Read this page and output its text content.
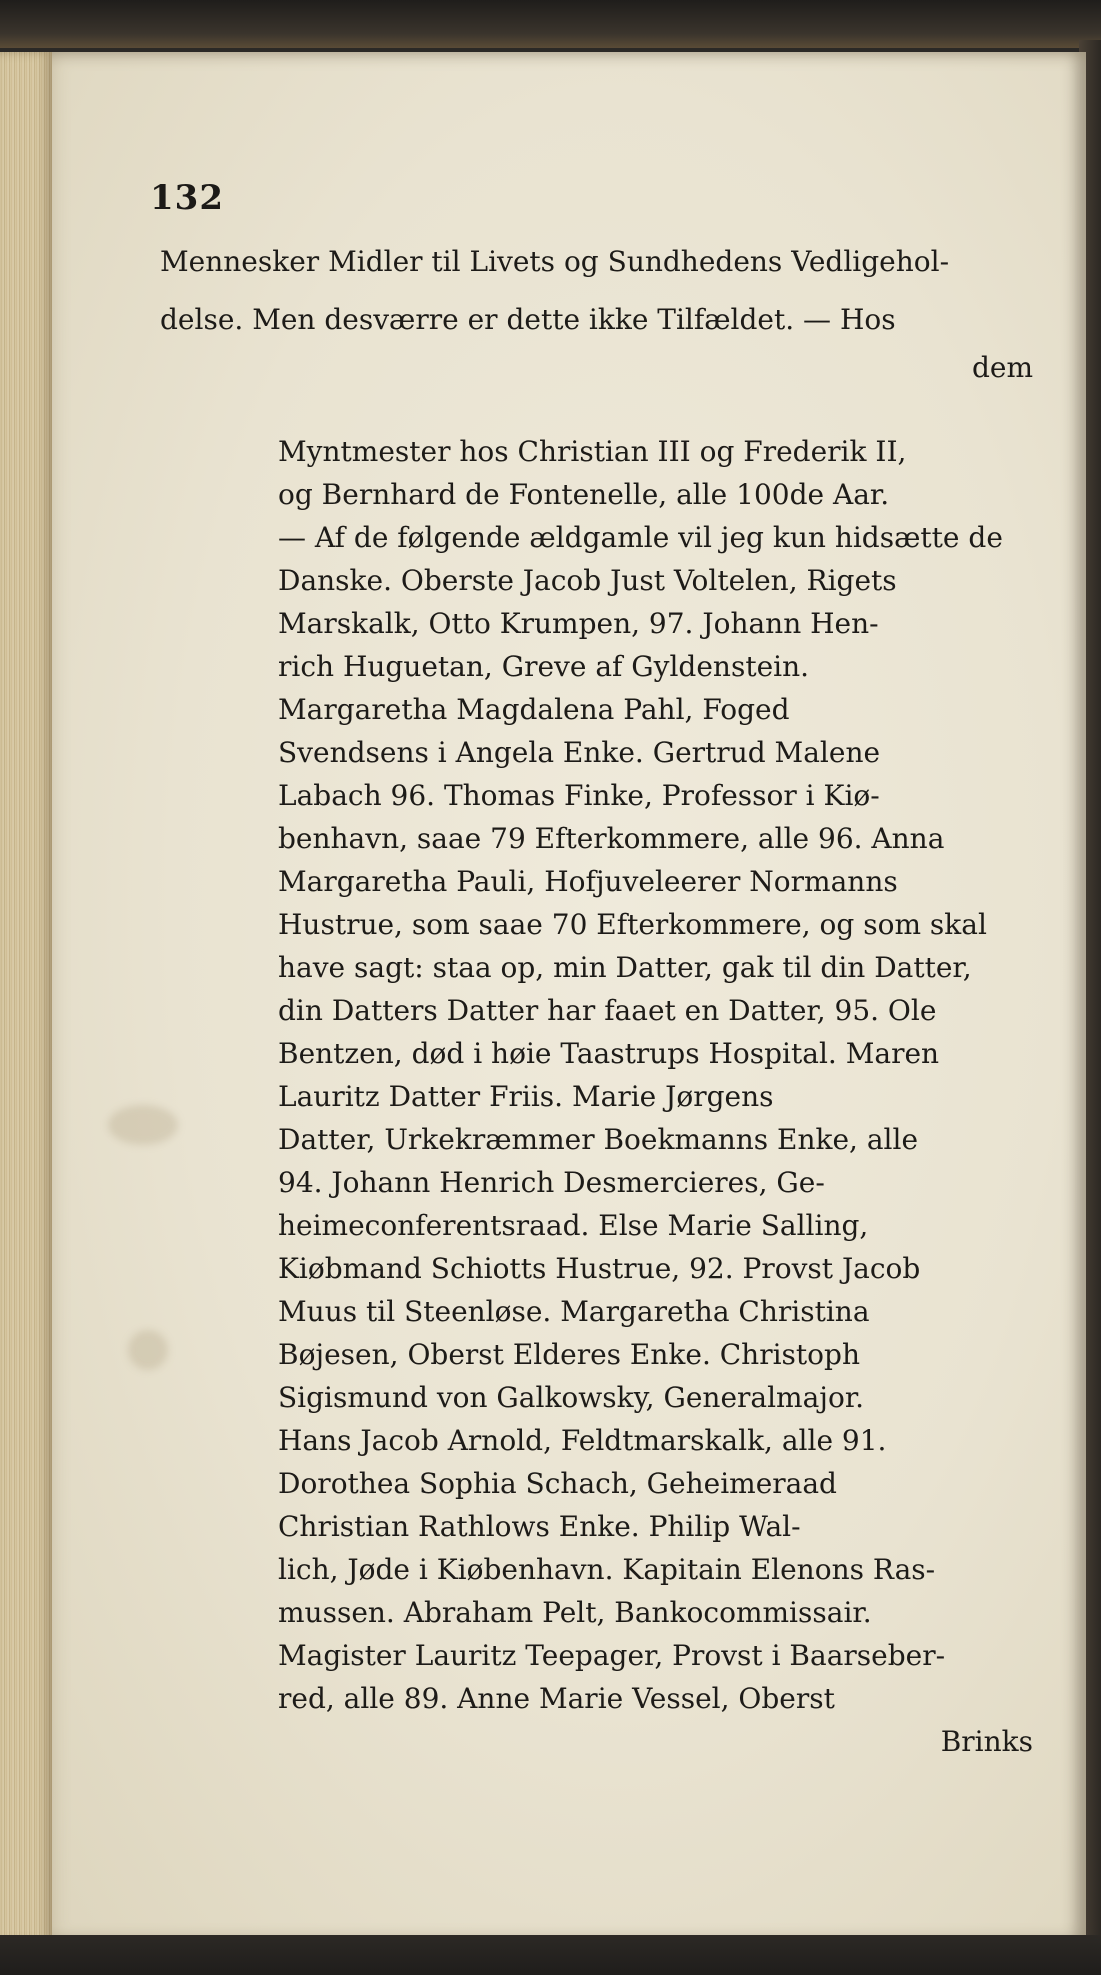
132

Mennesker Midler til Livets og Sundhedens Vedligehol-

delse. Men desværre er dette ikke Tilfældet. — Hos

dem

Myntmester hos Christian III og Frederik II,

og Bernhard de Fontenelle, alle 100de Aar.

— Af de følgende ældgamle vil jeg kun hidsætte de

Danske. Oberste Jacob Just Voltelen, Rigets

Marskalk, Otto Krumpen, 97. Johann Hen-

rich Huguetan, Greve af Gyldenstein.

Margaretha Magdalena Pahl, Foged

Svendsens i Angela Enke. Gertrud Malene

Labach 96. Thomas Finke, Professor i Kiø-

benhavn, saae 79 Efterkommere, alle 96. Anna

Margaretha Pauli, Hofjuveleerer Normanns

Hustrue, som saae 70 Efterkommere, og som skal

have sagt: staa op, min Datter, gak til din Datter,

din Datters Datter har faaet en Datter, 95. Ole

Bentzen, død i høie Taastrups Hospital. Maren

Lauritz Datter Friis. Marie Jørgens

Datter, Urkekræmmer Boekmanns Enke, alle

94. Johann Henrich Desmercieres, Ge-

heimeconferentsraad. Else Marie Salling,

Kiøbmand Schiotts Hustrue, 92. Provst Jacob

Muus til Steenløse. Margaretha Christina

Bøjesen, Oberst Elderes Enke. Christoph

Sigismund von Galkowsky, Generalmajor.

Hans Jacob Arnold, Feldtmarskalk, alle 91.

Dorothea Sophia Schach, Geheimeraad

Christian Rathlows Enke. Philip Wal-

lich, Jøde i Kiøbenhavn. Kapitain Elenons Ras-

mussen. Abraham Pelt, Bankocommissair.

Magister Lauritz Teepager, Provst i Baarseber-

red, alle 89. Anne Marie Vessel, Oberst

Brinks
